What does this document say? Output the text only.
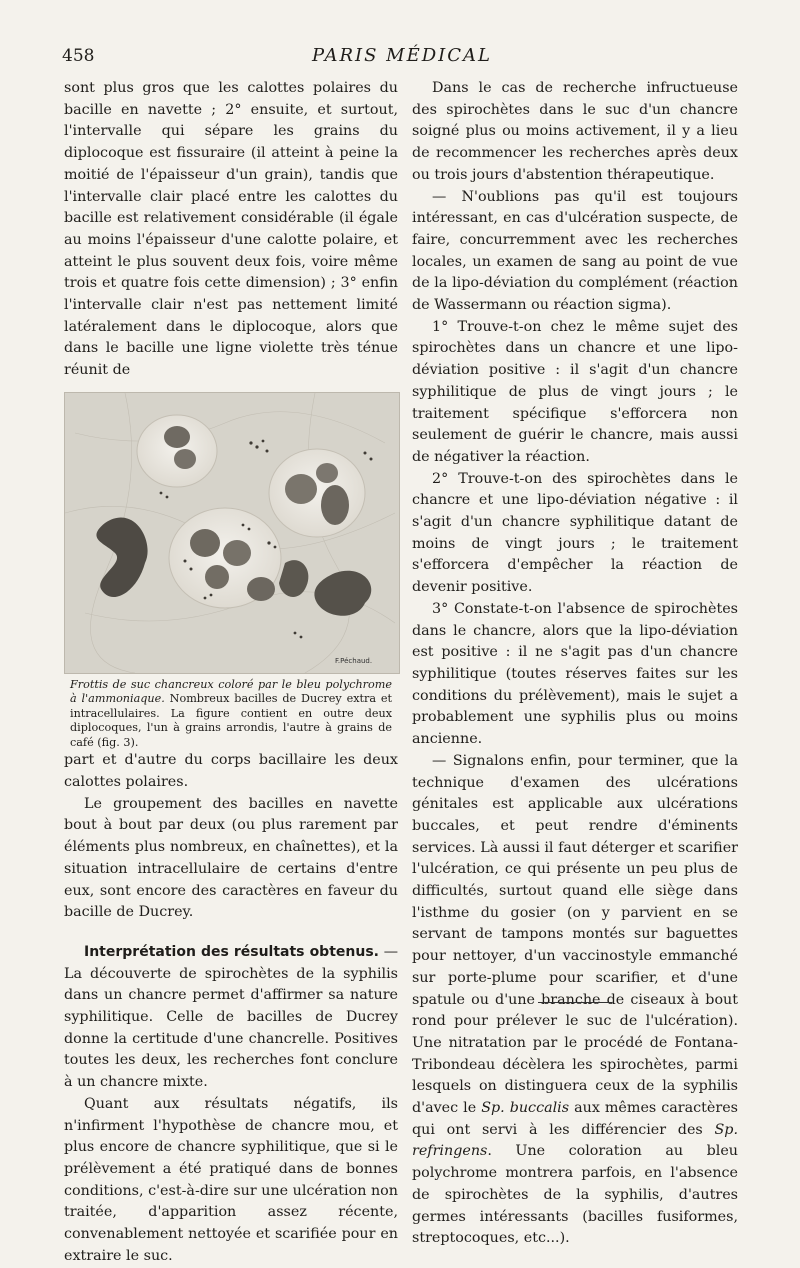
458	PARIS MÉDICAL

sont plus gros que les calottes polaires du bacille en navette ; 2° ensuite, et surtout, l'intervalle qui sépare les grains du diplocoque est fissuraire (il atteint à peine la moitié de l'épaisseur d'un grain), tandis que l'intervalle clair placé entre les calottes du bacille est relativement considérable (il égale au moins l'épaisseur d'une calotte polaire, et atteint le plus souvent deux fois, voire même trois et quatre fois cette dimension) ; 3° enfin l'intervalle clair n'est pas nettement limité latéralement dans le diplocoque, alors que dans le bacille une ligne violette très ténue réunit de

F.Péchaud.

Frottis de suc chancreux coloré par le bleu polychrome à l'ammoniaque. Nombreux bacilles de Ducrey extra et intracellulaires. La figure contient en outre deux diplocoques, l'un à grains arrondis, l'autre à grains de café (fig. 3).

part et d'autre du corps bacillaire les deux calottes polaires.

Le groupement des bacilles en navette bout à bout par deux (ou plus rarement par éléments plus nombreux, en chaînettes), et la situation intracellulaire de certains d'entre eux, sont encore des caractères en faveur du bacille de Ducrey.

Interprétation des résultats obtenus. — La découverte de spirochètes de la syphilis dans un chancre permet d'affirmer sa nature syphilitique. Celle de bacilles de Ducrey donne la certitude d'une chancrelle. Positives toutes les deux, les recherches font conclure à un chancre mixte.

Quant aux résultats négatifs, ils n'infirment l'hypothèse de chancre mou, et plus encore de chancre syphilitique, que si le prélèvement a été pratiqué dans de bonnes conditions, c'est-à-dire sur une ulcération non traitée, d'apparition assez récente, convenablement nettoyée et scarifiée pour en extraire le suc.

Dans le cas de recherche infructueuse des spirochètes dans le suc d'un chancre soigné plus ou moins activement, il y a lieu de recommencer les recherches après deux ou trois jours d'abstention thérapeutique.

— N'oublions pas qu'il est toujours intéressant, en cas d'ulcération suspecte, de faire, concurremment avec les recherches locales, un examen de sang au point de vue de la lipo-déviation du complément (réaction de Wassermann ou réaction sigma).

1° Trouve-t-on chez le même sujet des spirochètes dans un chancre et une lipo-déviation positive : il s'agit d'un chancre syphilitique de plus de vingt jours ; le traitement spécifique s'efforcera non seulement de guérir le chancre, mais aussi de négativer la réaction.

2° Trouve-t-on des spirochètes dans le chancre et une lipo-déviation négative : il s'agit d'un chancre syphilitique datant de moins de vingt jours ; le traitement s'efforcera d'empêcher la réaction de devenir positive.

3° Constate-t-on l'absence de spirochètes dans le chancre, alors que la lipo-déviation est positive : il ne s'agit pas d'un chancre syphilitique (toutes réserves faites sur les conditions du prélèvement), mais le sujet a probablement une syphilis plus ou moins ancienne.

— Signalons enfin, pour terminer, que la technique d'examen des ulcérations génitales est applicable aux ulcérations buccales, et peut rendre d'éminents services. Là aussi il faut déterger et scarifier l'ulcération, ce qui présente un peu plus de difficultés, surtout quand elle siège dans l'isthme du gosier (on y parvient en se servant de tampons montés sur baguettes pour nettoyer, d'un vaccinostyle emmanché sur porte-plume pour scarifier, et d'une spatule ou d'une branche de ciseaux à bout rond pour prélever le suc de l'ulcération). Une nitratation par le procédé de Fontana-Tribondeau décèlera les spirochètes, parmi lesquels on distinguera ceux de la syphilis d'avec le Sp. buccalis aux mêmes caractères qui ont servi à les différencier des Sp. refringens. Une coloration au bleu polychrome montrera parfois, en l'absence de spirochètes de la syphilis, d'autres germes intéressants (bacilles fusiformes, streptocoques, etc...).
